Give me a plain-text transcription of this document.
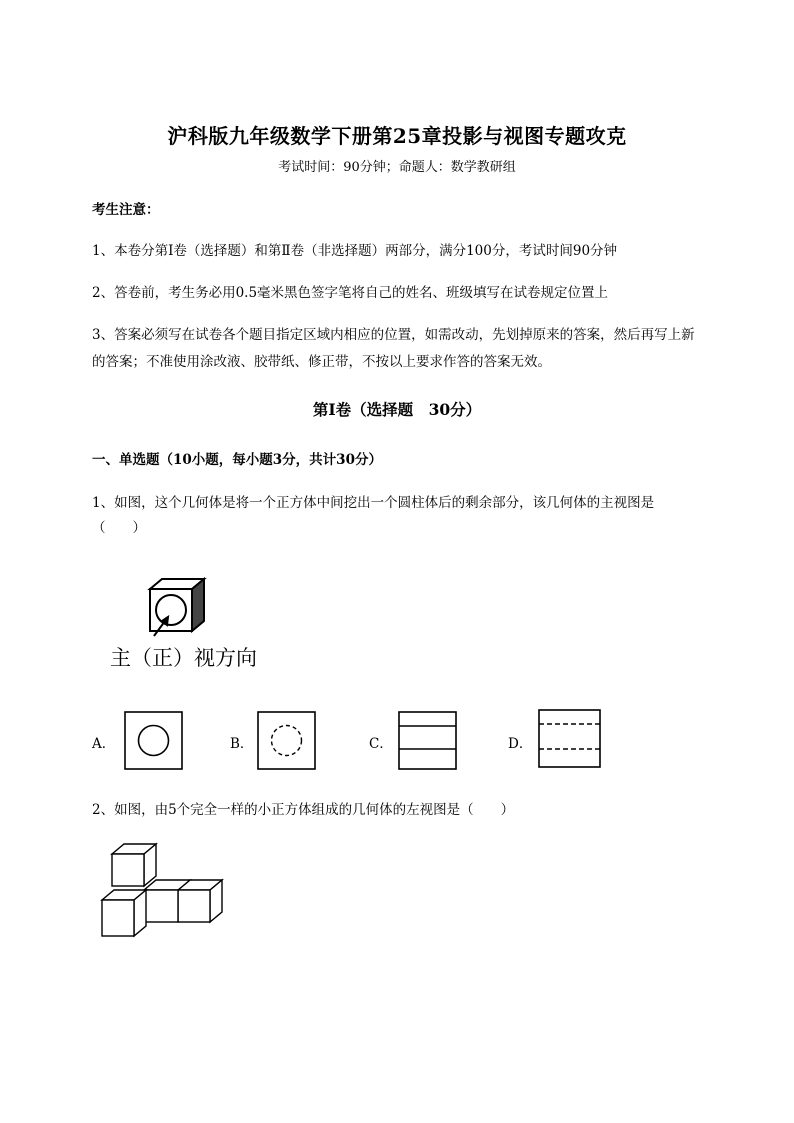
沪科版九年级数学下册第25章投影与视图专题攻克
考试时间：90分钟；命题人：数学教研组
考生注意：
1、本卷分第Ⅰ卷（选择题）和第Ⅱ卷（非选择题）两部分，满分100分，考试时间90分钟
2、答卷前，考生务必用0.5毫米黑色签字笔将自己的姓名、班级填写在试卷规定位置上
3、答案必须写在试卷各个题目指定区域内相应的位置，如需改动，先划掉原来的答案，然后再写上新
的答案；不准使用涂改液、胶带纸、修正带，不按以上要求作答的答案无效。
第Ⅰ卷（选择题　30分）
一、单选题（10小题，每小题3分，共计30分）
1、如图，这个几何体是将一个正方体中间挖出一个圆柱体后的剩余部分，该几何体的主视图是
（　　）
主（正）视方向
A．	B．	C．	D．
2、如图，由5个完全一样的小正方体组成的几何体的左视图是（　　）
